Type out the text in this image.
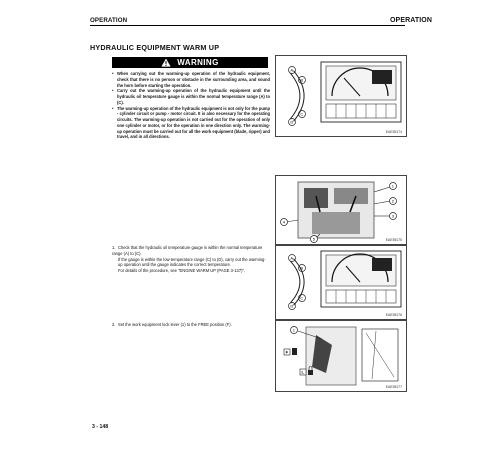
OPERATION	OPERATION
HYDRAULIC EQUIPMENT WARM UP
WARNING
• When carrying out the warming-up operation of the hydraulic equipment, check that there is no person or obstacle in the surrounding area, and sound the horn before starting the operation.
• Carry out the warming-up operation of the hydraulic equipment until the hydraulic oil temperature gauge is within the normal temperature range (A) to (C).
• The warming-up operation of the hydraulic equipment is not only for the pump - cylinder circuit or pump - motor circuit. It is also necessary for the operating circuits. The warming-up operation is not carried out for the operation of only one cylinder or motor, or for the operation in one direction only. The warming-up operation must be carried out for all the work equipment (blade, ripper) and travel, and in all directions.
1. Check that the hydraulic oil temperature gauge is within the normal temperature range (A) to (C).
If the gauge is within the low-temperature range (C) to (D), carry out the warming-up operation until the gauge indicates the correct temperature.
For details of the procedure, see "ENGINE WARM UP (PAGE 3-137)".
2. Set the work equipment lock lever (1) to the FREE position (F).
A
B
C
D
EAE55174
1
2
3
4
5	EAE55175
A
B
C
D
EAE55176
1
F
L
EAE55177
3 - 148
